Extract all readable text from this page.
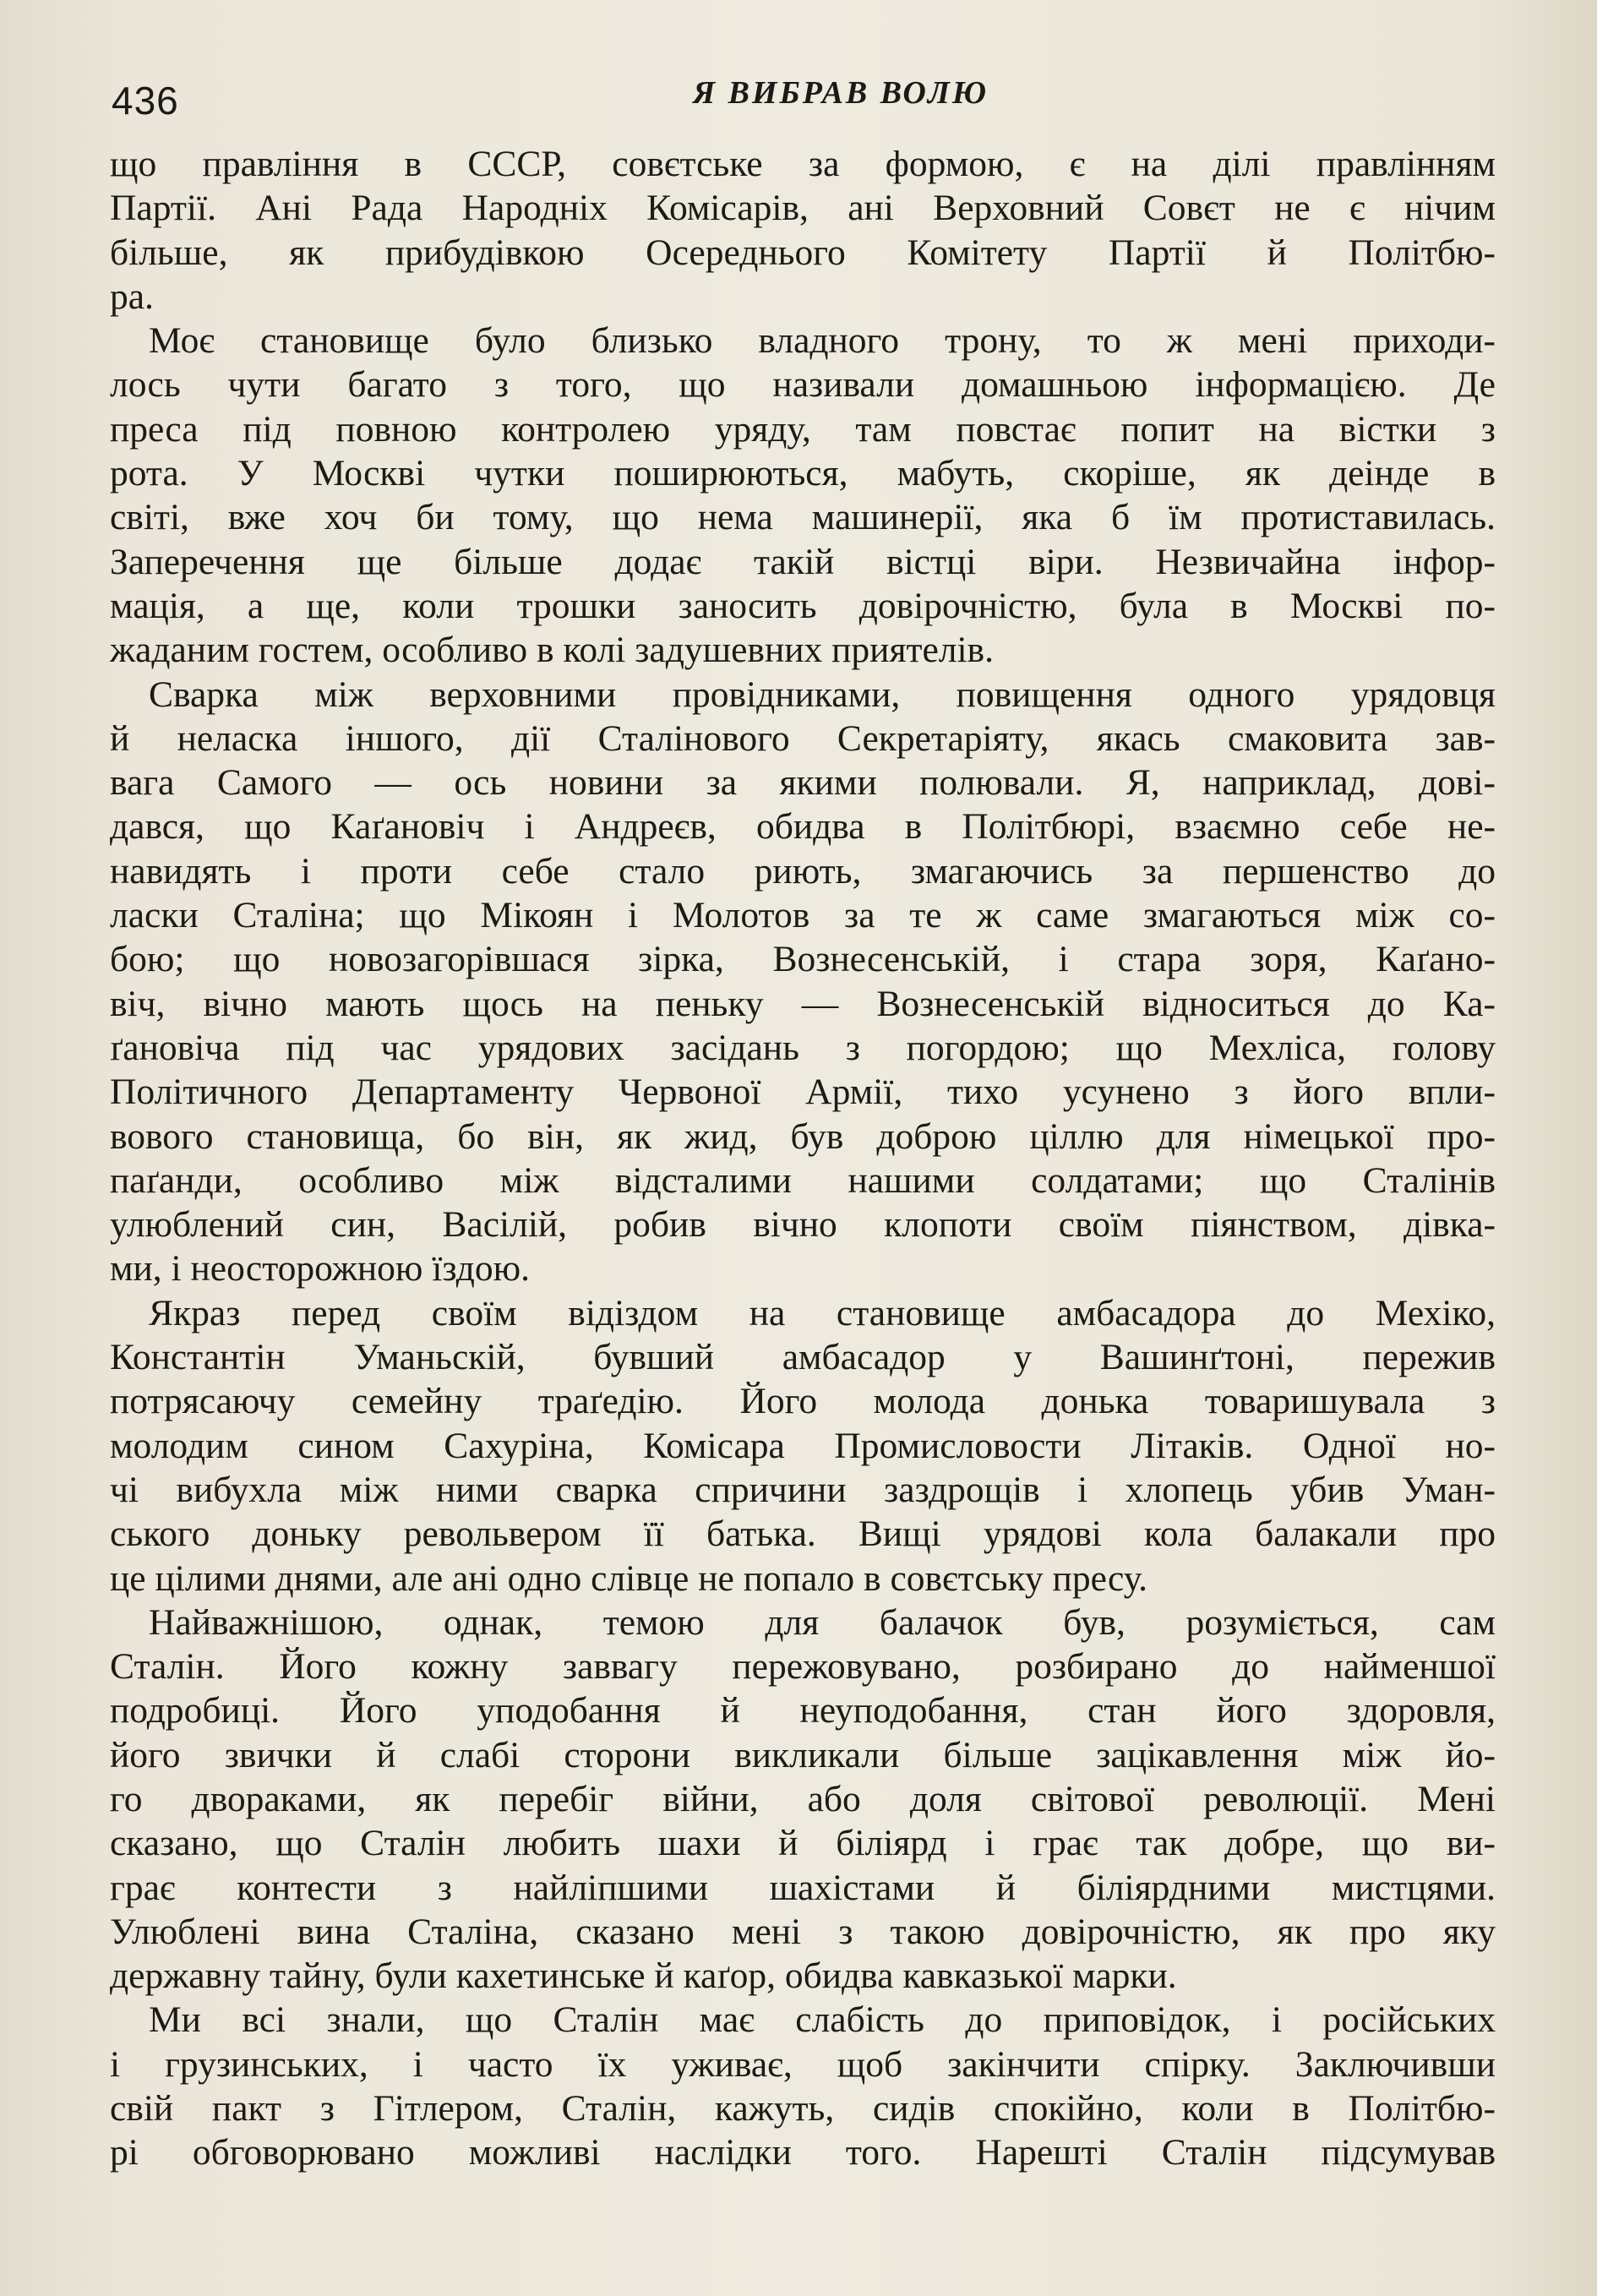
436	Я ВИБРАВ ВОЛЮ
що правління в СССР, совєтське за формою, є на ділі правлінням
Партії. Ані Рада Народніх Комісарів, ані Верховний Совєт не є нічим
більше, як прибудівкою Осереднього Комітету Партії й Політбю-
ра.
Моє становище було близько владного трону, то ж мені приходи-
лось чути багато з того, що називали домашньою інформацією. Де
преса під повною контролею уряду, там повстає попит на вістки з
рота. У Москві чутки поширюються, мабуть, скоріше, як деінде в
світі, вже хоч би тому, що нема машинерії, яка б їм протиставилась.
Заперечення ще більше додає такій вістці віри. Незвичайна інфор-
мація, а ще, коли трошки заносить довірочністю, була в Москві по-
жаданим гостем, особливо в колі задушевних приятелів.
Сварка між верховними провідниками, повищення одного урядовця
й неласка іншого, дії Сталінового Секретаріяту, якась смаковита зав-
вага Самого — ось новини за якими полювали. Я, наприклад, дові-
дався, що Каґановіч і Андреєв, обидва в Політбюрі, взаємно себе не-
навидять і проти себе стало риють, змагаючись за першенство до
ласки Сталіна; що Мікоян і Молотов за те ж саме змагаються між со-
бою; що новозагорівшася зірка, Вознесенській, і стара зоря, Каґано-
віч, вічно мають щось на пеньку — Вознесенській відноситься до Ка-
ґановіча під час урядових засідань з погордою; що Мехліса, голову
Політичного Департаменту Червоної Армії, тихо усунено з його впли-
вового становища, бо він, як жид, був доброю ціллю для німецької про-
паґанди, особливо між відсталими нашими солдатами; що Сталінів
улюблений син, Васілій, робив вічно клопоти своїм піянством, дівка-
ми, і неосторожною їздою.
Якраз перед своїм відіздом на становище амбасадора до Мехіко,
Константін Уманьскій, бувший амбасадор у Вашинґтоні, пережив
потрясаючу семейну траґедію. Його молода донька товаришувала з
молодим сином Сахуріна, Комісара Промисловости Літаків. Одної но-
чі вибухла між ними сварка спричини заздрощів і хлопець убив Уман-
ського доньку револьвером її батька. Вищі урядові кола балакали про
це цілими днями, але ані одно слівце не попало в совєтську пресу.
Найважнішою, однак, темою для балачок був, розуміється, сам
Сталін. Його кожну заввагу пережовувано, розбирано до найменшої
подробиці. Його уподобання й неуподобання, стан його здоровля,
його звички й слабі сторони викликали більше зацікавлення між йо-
го двораками, як перебіг війни, або доля світової революції. Мені
сказано, що Сталін любить шахи й біліярд і грає так добре, що ви-
грає контести з найліпшими шахістами й біліярдними мистцями.
Улюблені вина Сталіна, сказано мені з такою довірочністю, як про яку
державну тайну, були кахетинське й каґор, обидва кавказької марки.
Ми всі знали, що Сталін має слабість до приповідок, і російських
і грузинських, і часто їх уживає, щоб закінчити спірку. Заключивши
свій пакт з Гітлером, Сталін, кажуть, сидів спокійно, коли в Політбю-
рі обговорювано можливі наслідки того. Нарешті Сталін підсумував
